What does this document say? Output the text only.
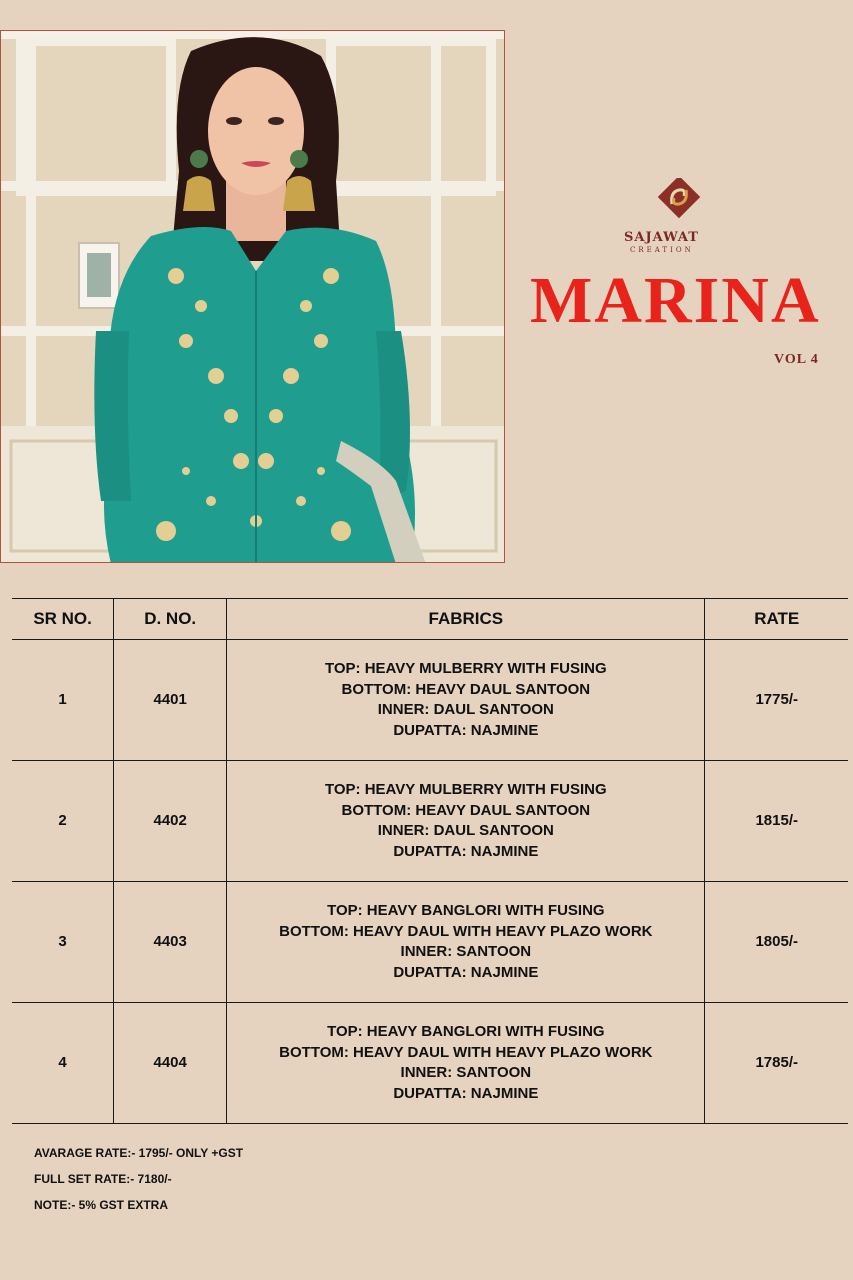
SAJAWAT
CREATION
MARINA
VOL 4
SR NO.	D. NO.	FABRICS	RATE
1	4401	TOP: HEAVY MULBERRY WITH FUSING
BOTTOM: HEAVY DAUL SANTOON
INNER: DAUL SANTOON
DUPATTA: NAJMINE	1775/-
2	4402	TOP: HEAVY MULBERRY WITH FUSING
BOTTOM: HEAVY DAUL SANTOON
INNER: DAUL SANTOON
DUPATTA: NAJMINE	1815/-
3	4403	TOP: HEAVY BANGLORI WITH FUSING
BOTTOM: HEAVY DAUL WITH HEAVY PLAZO WORK
INNER: SANTOON
DUPATTA: NAJMINE	1805/-
4	4404	TOP: HEAVY BANGLORI WITH FUSING
BOTTOM: HEAVY DAUL WITH HEAVY PLAZO WORK
INNER: SANTOON
DUPATTA: NAJMINE	1785/-
AVARAGE RATE:- 1795/- ONLY +GST
FULL SET RATE:- 7180/-
NOTE:- 5% GST EXTRA
